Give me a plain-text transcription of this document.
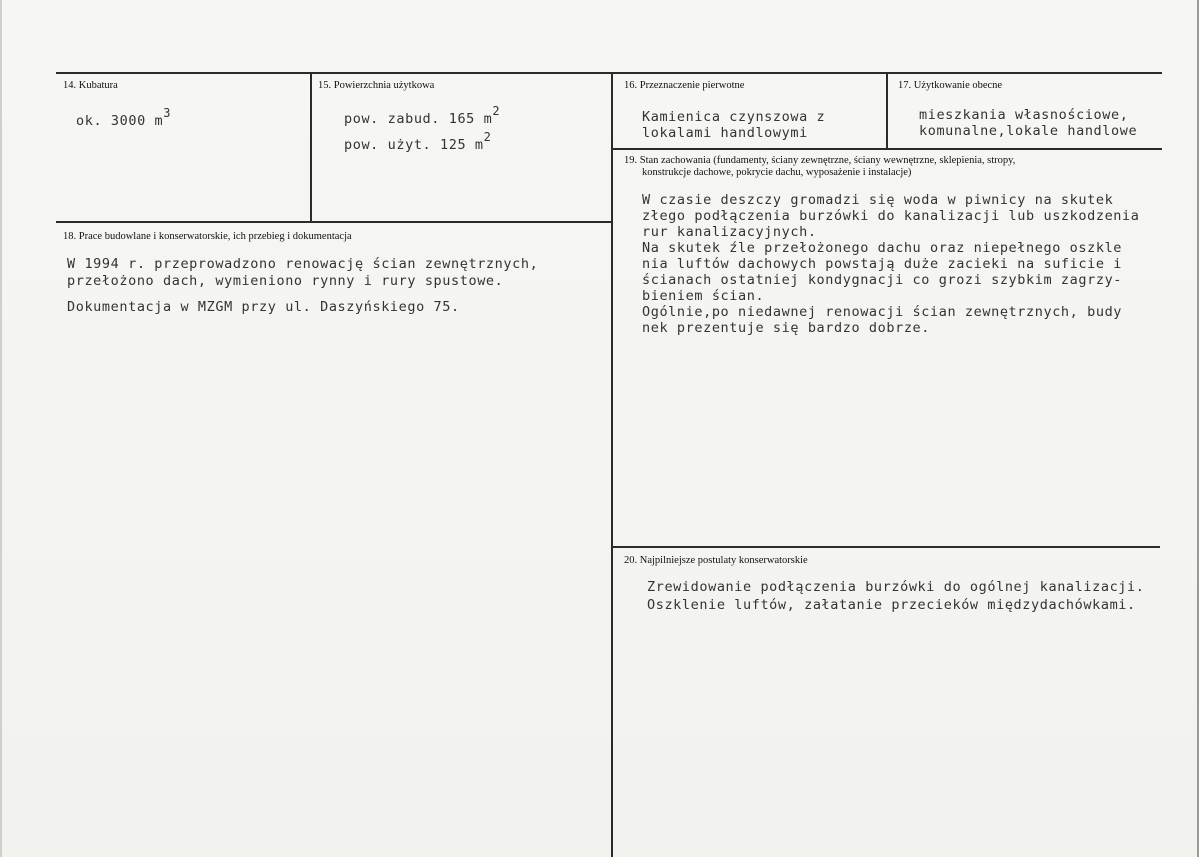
14. Kubatura
ok. 3000 $m^3$
15. Powierzchnia użytkowa
pow. zabud. 165 $m^2$
pow. użyt. 125 $m^2$
16. Przeznaczenie pierwotne
Kamienica czynszowa z
lokalami handlowymi
17. Użytkowanie obecne
mieszkania własnościowe,
komunalne,lokale handlowe
18. Prace budowlane i konserwatorskie, ich przebieg i dokumentacja
W 1994 r. przeprowadzono renowację ścian zewnętrznych,
przełożono dach, wymieniono rynny i rury spustowe.
Dokumentacja w MZGM przy ul. Daszyńskiego 75.
19. Stan zachowania (fundamenty, ściany zewnętrzne, ściany wewnętrzne, sklepienia, stropy,
konstrukcje dachowe, pokrycie dachu, wyposażenie i instalacje)
W czasie deszczy gromadzi się woda w piwnicy na skutek
złego podłączenia burzówki do kanalizacji lub uszkodzenia
rur kanalizacyjnych.
Na skutek źle przełożonego dachu oraz niepełnego oszkle
nia luftów dachowych powstają duże zacieki na suficie i
ścianach ostatniej kondygnacji co grozi szybkim zagrzy-
bieniem ścian.
Ogólnie,po niedawnej renowacji ścian zewnętrznych, budy
nek prezentuje się bardzo dobrze.
20. Najpilniejsze postulaty konserwatorskie
Zrewidowanie podłączenia burzówki do ogólnej kanalizacji.
Oszklenie luftów, załatanie przecieków międzydachówkami.
